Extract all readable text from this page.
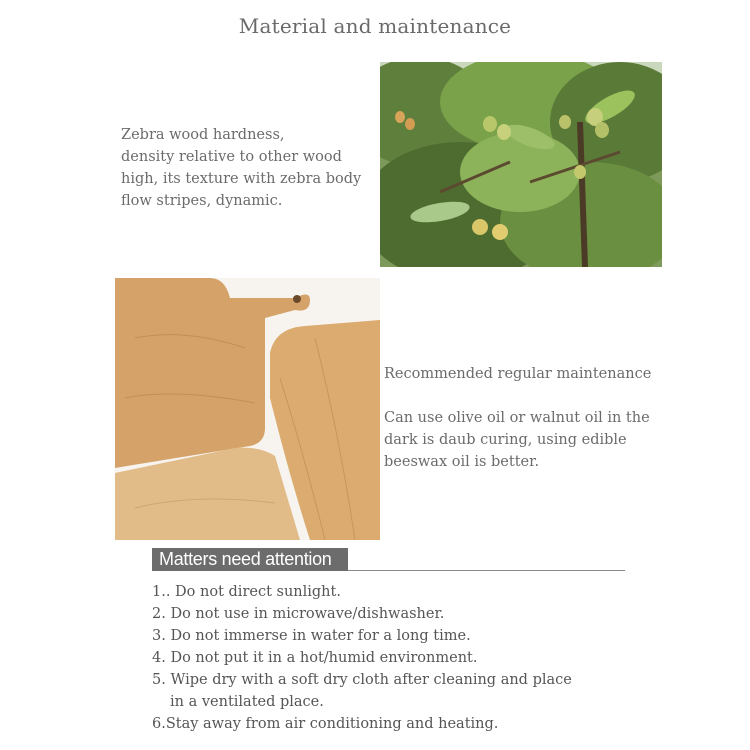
Material and maintenance
Zebra wood hardness,
density relative to other wood
high, its texture with zebra body
flow stripes, dynamic.
Recommended regular maintenance
Can use olive oil or walnut oil in the
dark is daub curing, using edible
beeswax oil is better.
Matters need attention
1.. Do not direct sunlight.
2. Do not use in microwave/dishwasher.
3. Do not immerse in water for a long time.
4. Do not put it in a hot/humid environment.
5. Wipe dry with a soft dry cloth after cleaning and place
in a ventilated place.
6.Stay away from air conditioning and heating.
